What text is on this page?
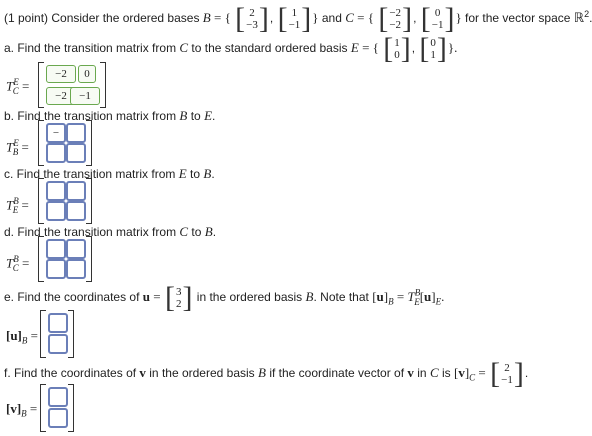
(1 point) Consider the ordered bases B = { [ 2
−3 ] , [ 1
−1 ] } and C = { [ −2
−2 ] , [ 0
−1 ] } for the vector space ℝ$^2$
a. Find the transition matrix from C to the standard ordered basis E = { [ 1
0 ] , [ 0
1 ] }.
$T^E_C$ =
−2	0
−2	−1
b. Find the transition matrix from B to E.
$T^E_B$ =
−
c. Find the transition matrix from E to B.
$T^B_E$ =
d. Find the transition matrix from C to B.
$T^B_C$ =
e. Find the coordinates of u = [ 3
2 ] in the ordered basis B. Note that $[u]_B = T^B_E[u]_E$.
$[u]_B$ =
f. Find the coordinates of v in the ordered basis B if the coordinate vector of v in C is $[v]_C$ = [ 2
−1 ] .
$[v]_B$ =
